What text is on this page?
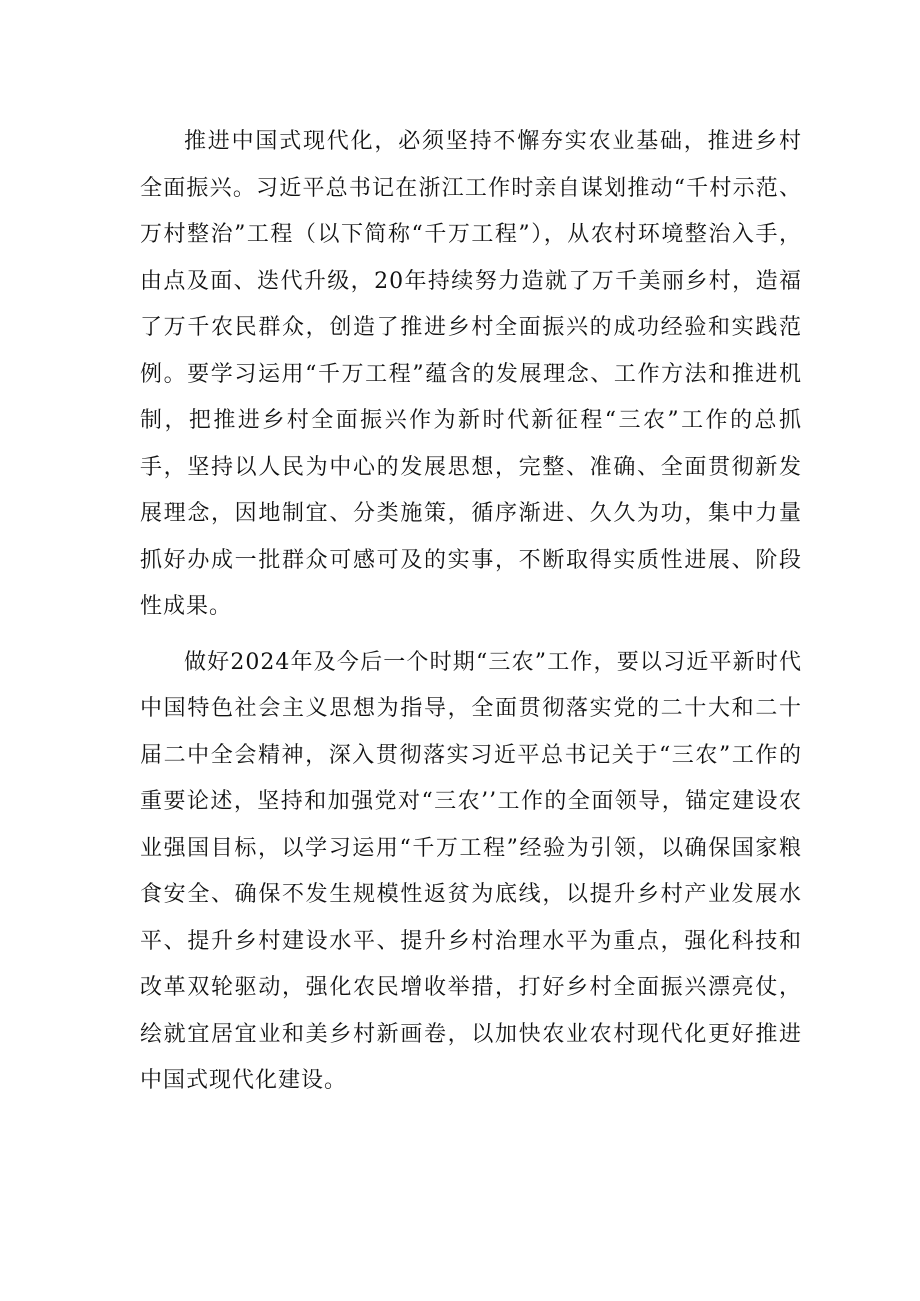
推进中国式现代化，必须坚持不懈夯实农业基础，推进乡村全面振兴。习近平总书记在浙江工作时亲自谋划推动“千村示范、万村整治”工程（以下简称“千万工程”），从农村环境整治入手，由点及面、迭代升级，20年持续努力造就了万千美丽乡村，造福了万千农民群众，创造了推进乡村全面振兴的成功经验和实践范例。要学习运用“千万工程”蕴含的发展理念、工作方法和推进机制，把推进乡村全面振兴作为新时代新征程“三农”工作的总抓手，坚持以人民为中心的发展思想，完整、准确、全面贯彻新发展理念，因地制宜、分类施策，循序渐进、久久为功，集中力量抓好办成一批群众可感可及的实事，不断取得实质性进展、阶段性成果。

做好2024年及今后一个时期“三农”工作，要以习近平新时代中国特色社会主义思想为指导，全面贯彻落实党的二十大和二十届二中全会精神，深入贯彻落实习近平总书记关于“三农”工作的重要论述，坚持和加强党对“三农’’工作的全面领导，锚定建设农业强国目标，以学习运用“千万工程”经验为引领，以确保国家粮食安全、确保不发生规模性返贫为底线，以提升乡村产业发展水平、提升乡村建设水平、提升乡村治理水平为重点，强化科技和改革双轮驱动，强化农民增收举措，打好乡村全面振兴漂亮仗，绘就宜居宜业和美乡村新画卷，以加快农业农村现代化更好推进中国式现代化建设。
